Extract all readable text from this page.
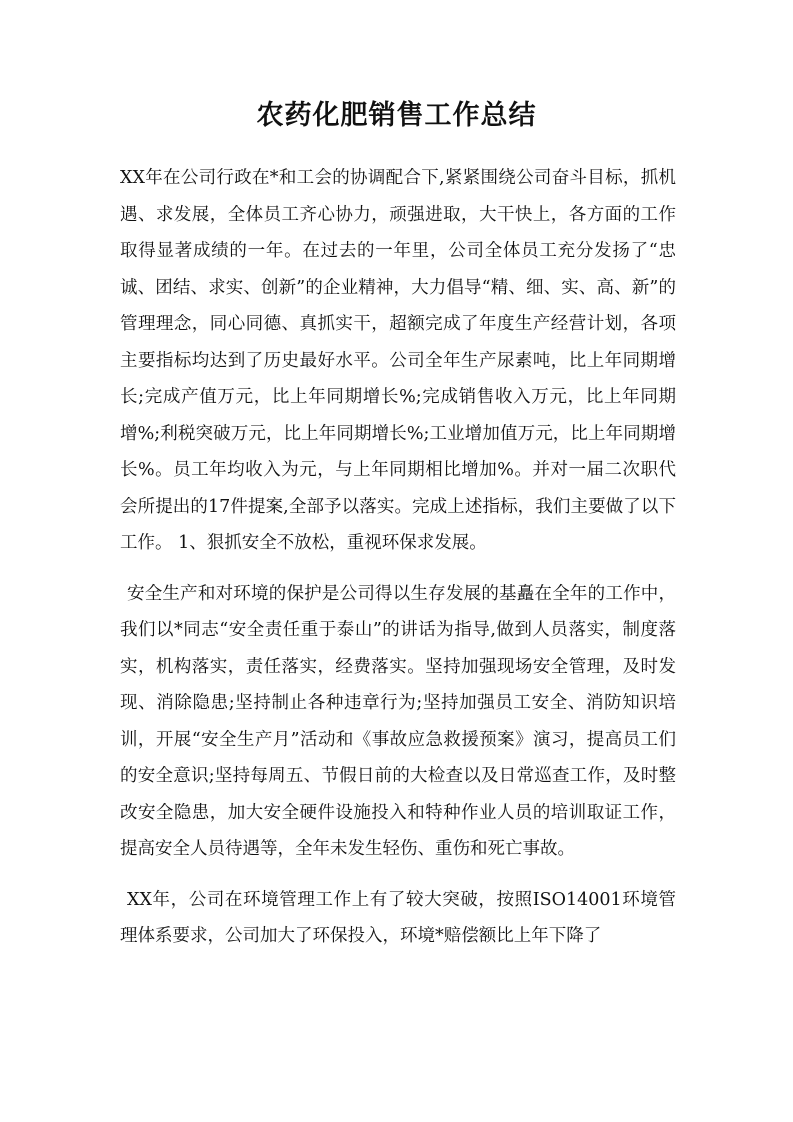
农药化肥销售工作总结

XX年在公司行政在*和工会的协调配合下,紧紧围绕公司奋斗目标，抓机遇、求发展，全体员工齐心协力，顽强进取，大干快上，各方面的工作取得显著成绩的一年。在过去的一年里，公司全体员工充分发扬了“忠诚、团结、求实、创新”的企业精神，大力倡导“精、细、实、高、新”的管理理念，同心同德、真抓实干，超额完成了年度生产经营计划，各项主要指标均达到了历史最好水平。公司全年生产尿素吨，比上年同期增长;完成产值万元，比上年同期增长%;完成销售收入万元，比上年同期增%;利税突破万元，比上年同期增长%;工业增加值万元，比上年同期增长%。员工年均收入为元，与上年同期相比增加%。并对一届二次职代会所提出的17件提案,全部予以落实。完成上述指标，我们主要做了以下工作。 1、狠抓安全不放松，重视环保求发展。

安全生产和对环境的保护是公司得以生存发展的基矗在全年的工作中，我们以*同志“安全责任重于泰山”的讲话为指导,做到人员落实，制度落实，机构落实，责任落实，经费落实。坚持加强现场安全管理，及时发现、消除隐患;坚持制止各种违章行为;坚持加强员工安全、消防知识培训，开展“安全生产月”活动和《事故应急救援预案》演习，提高员工们的安全意识;坚持每周五、节假日前的大检查以及日常巡查工作，及时整改安全隐患，加大安全硬件设施投入和特种作业人员的培训取证工作，提高安全人员待遇等，全年未发生轻伤、重伤和死亡事故。

XX年，公司在环境管理工作上有了较大突破，按照ISO14001环境管理体系要求，公司加大了环保投入，环境*赔偿额比上年下降了
